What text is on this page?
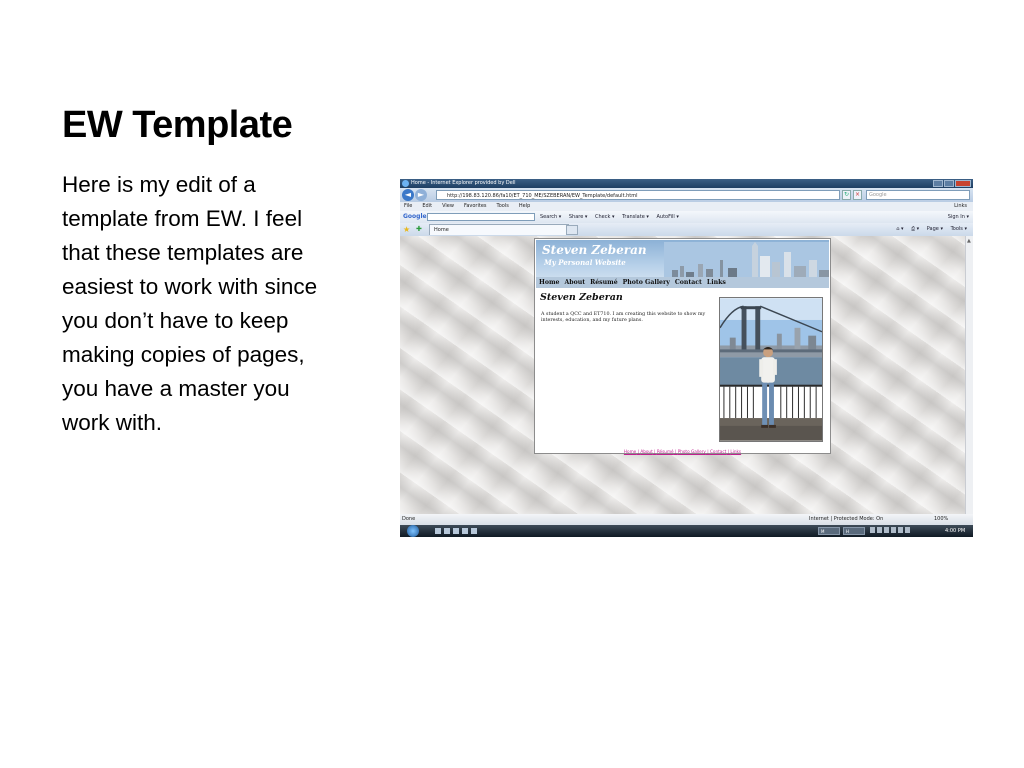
EW Template
Here is my edit of a
template from EW. I feel
that these templates are
easiest to work with since
you don’t have to keep
making copies of pages,
you have a master you
work with.
Home - Internet Explorer provided by Dell
◄ ►	http://198.83.120.86/fa10/ET_710_ME/SZEBERAN/EW_Template/default.html	↻ ×	Google
File Edit View Favorites Tools Help	Links
Google	Search ▾ Share ▾ Check ▾ Translate ▾ AutoFill ▾	Sign In ▾
★ ✚	Home	⌂ ▾ ⎙ ▾ Page ▾ Tools ▾
Steven Zeberan
My Personal Website
Home About Résumé Photo Gallery Contact Links
Steven Zeberan
A student a QCC and ET710. I am creating this website to show my interests, education, and my future plans.
Home | About | Résumé | Photo Gallery | Contact | Links
▲
Done	Internet | Protected Mode: On	100%
M	H	4:00 PM
